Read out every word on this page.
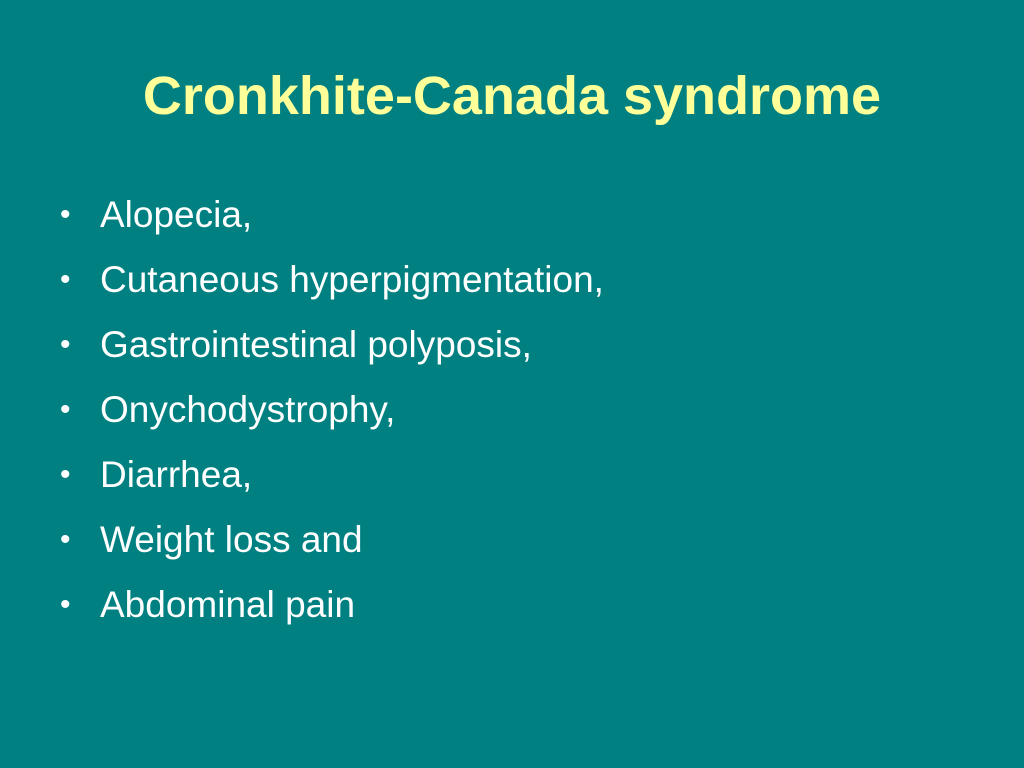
Cronkhite-Canada syndrome
• Alopecia,
• Cutaneous hyperpigmentation,
• Gastrointestinal polyposis,
• Onychodystrophy,
• Diarrhea,
• Weight loss and
• Abdominal pain
